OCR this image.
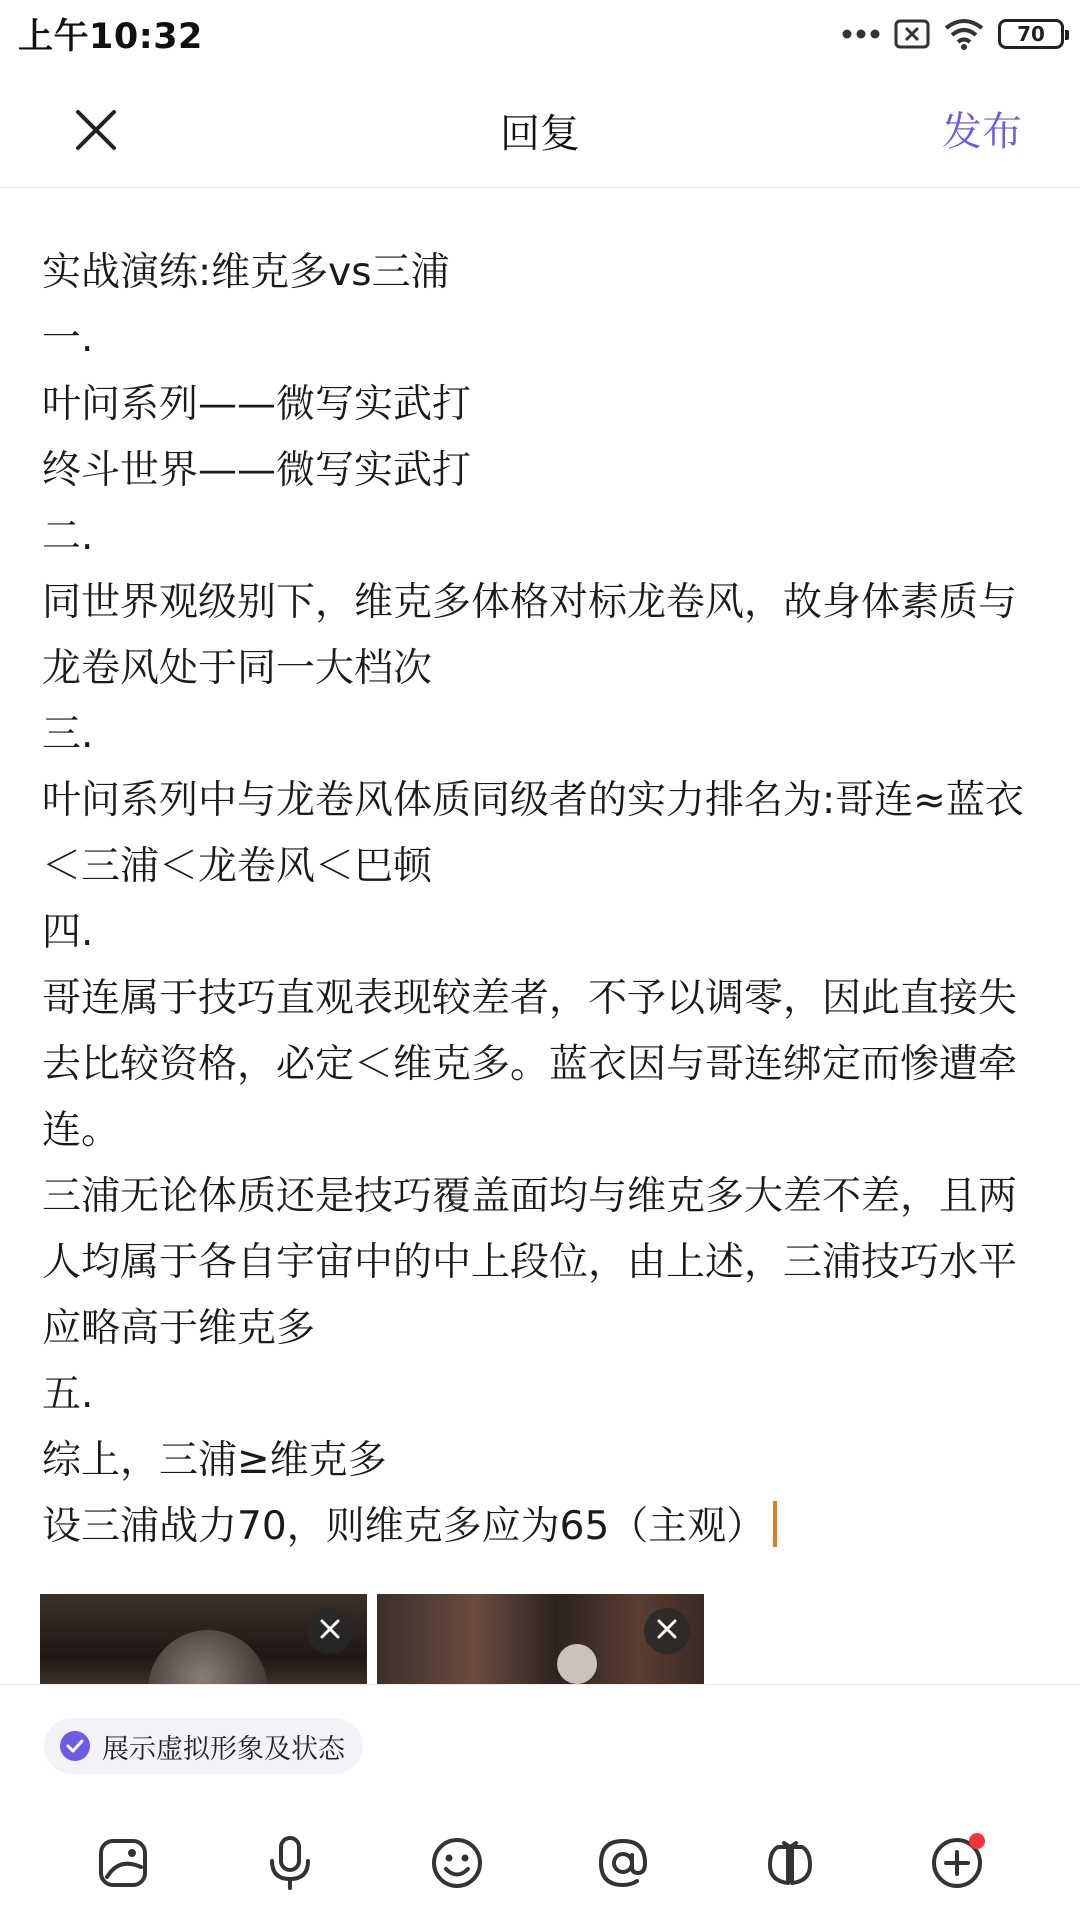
上午10:32	70
回复	发布
实战演练:维克多vs三浦
一.
叶问系列——微写实武打
终斗世界——微写实武打
二.
同世界观级别下，维克多体格对标龙卷风，故身体素质与龙卷风处于同一大档次
三.
叶问系列中与龙卷风体质同级者的实力排名为:哥连≈蓝衣＜三浦＜龙卷风＜巴顿
四.
哥连属于技巧直观表现较差者，不予以调零，因此直接失去比较资格，必定＜维克多。蓝衣因与哥连绑定而惨遭牵连。
三浦无论体质还是技巧覆盖面均与维克多大差不差，且两人均属于各自宇宙中的中上段位，由上述，三浦技巧水平应略高于维克多
五.
综上，三浦≥维克多
设三浦战力70，则维克多应为65（主观）
展示虚拟形象及状态
